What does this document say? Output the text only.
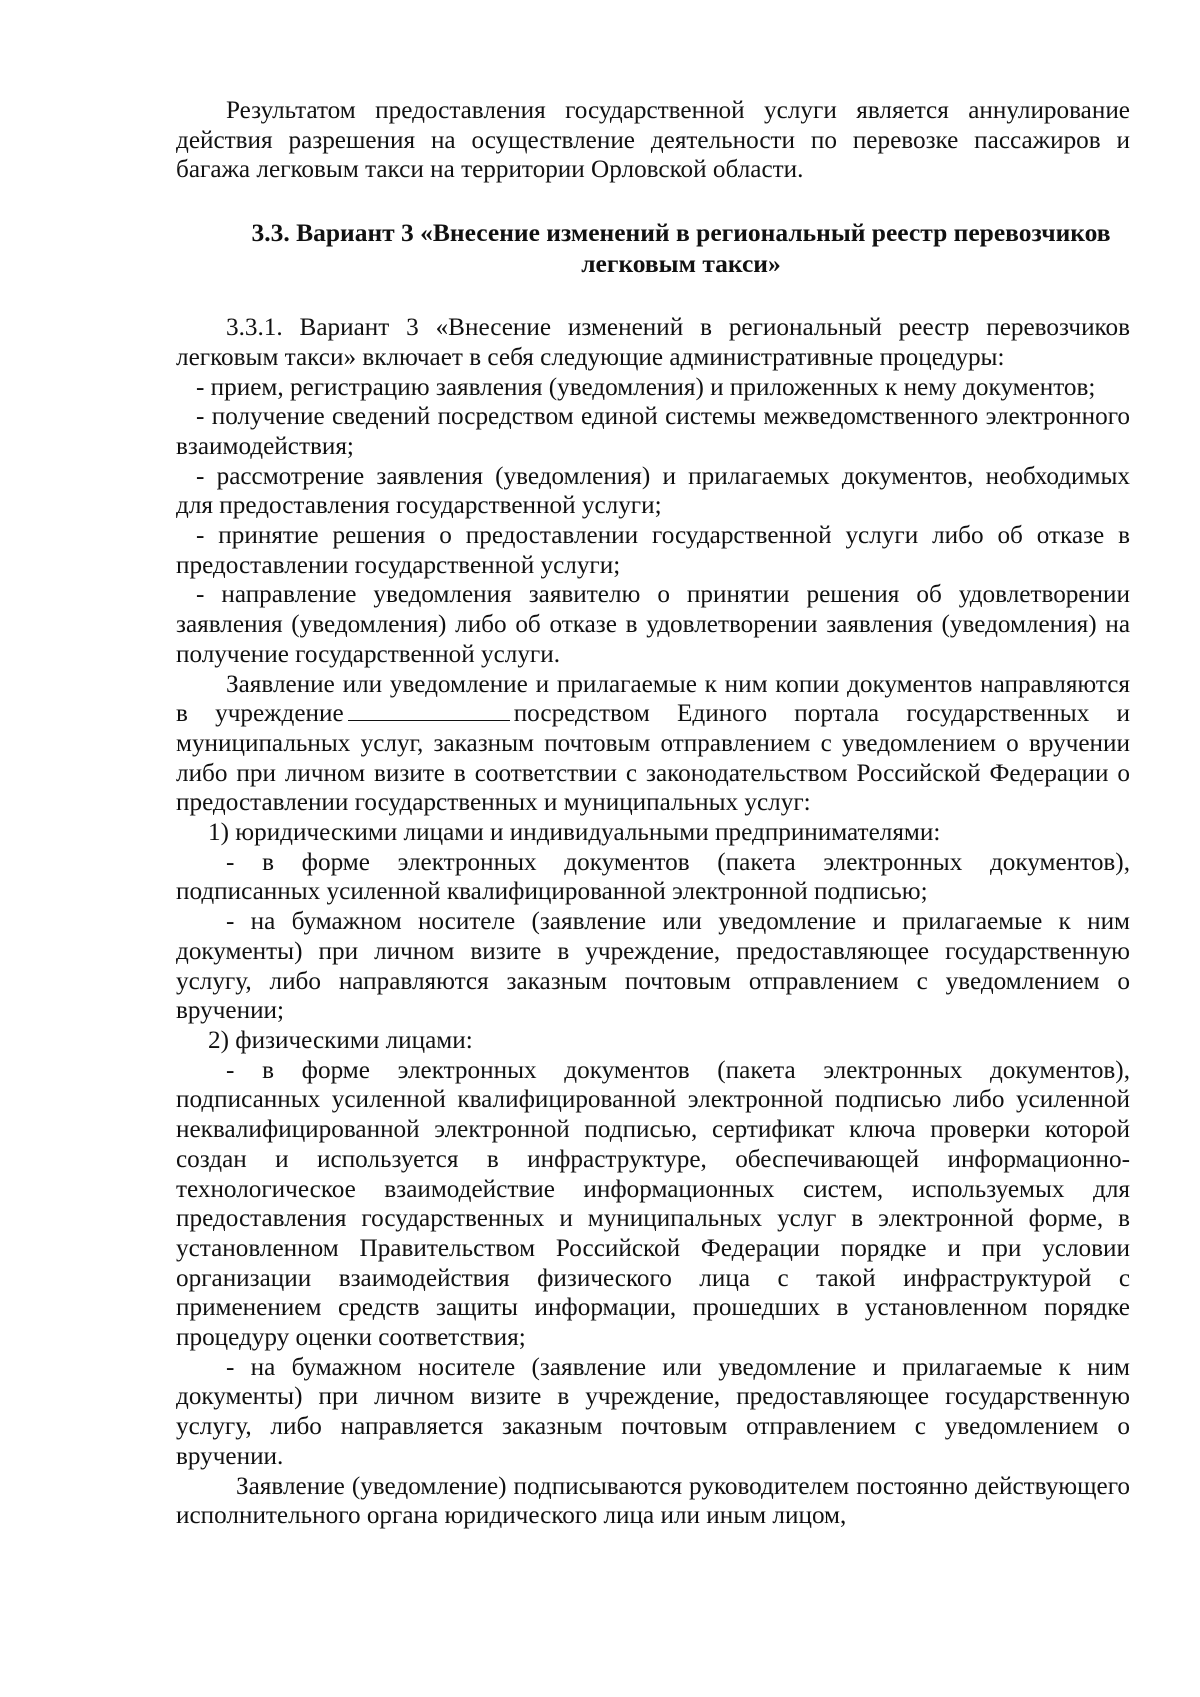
Результатом предоставления государственной услуги является аннулирование действия разрешения на осуществление деятельности по перевозке пассажиров и багажа легковым такси на территории Орловской области.

3.3. Вариант 3 «Внесение изменений в региональный реестр перевозчиков легковым такси»

3.3.1. Вариант 3 «Внесение изменений в региональный реестр перевозчиков легковым такси» включает в себя следующие административные процедуры:

- прием, регистрацию заявления (уведомления) и приложенных к нему документов;

- получение сведений посредством единой системы межведомственного электронного взаимодействия;

- рассмотрение заявления (уведомления) и прилагаемых документов, необходимых для предоставления государственной услуги;

- принятие решения о предоставлении государственной услуги либо об отказе в предоставлении государственной услуги;

- направление уведомления заявителю о принятии решения об удовлетворении заявления (уведомления) либо об отказе в удовлетворении заявления (уведомления) на получение государственной услуги.

Заявление или уведомление и прилагаемые к ним копии документов направляются в учреждение	посредством Единого портала государственных и муниципальных услуг, заказным почтовым отправлением с уведомлением о вручении либо при личном визите в соответствии с законодательством Российской Федерации о предоставлении государственных и муниципальных услуг:

1) юридическими лицами и индивидуальными предпринимателями:

- в форме электронных документов (пакета электронных документов), подписанных усиленной квалифицированной электронной подписью;

- на бумажном носителе (заявление или уведомление и прилагаемые к ним документы) при личном визите в учреждение, предоставляющее государственную услугу, либо направляются заказным почтовым отправлением с уведомлением о вручении;

2) физическими лицами:

- в форме электронных документов (пакета электронных документов), подписанных усиленной квалифицированной электронной подписью либо усиленной неквалифицированной электронной подписью, сертификат ключа проверки которой создан и используется в инфраструктуре, обеспечивающей информационно-технологическое взаимодействие информационных систем, используемых для предоставления государственных и муниципальных услуг в электронной форме, в установленном Правительством Российской Федерации порядке и при условии организации взаимодействия физического лица с такой инфраструктурой с применением средств защиты информации, прошедших в установленном порядке процедуру оценки соответствия;

- на бумажном носителе (заявление или уведомление и прилагаемые к ним документы) при личном визите в учреждение, предоставляющее государственную услугу, либо направляется заказным почтовым отправлением с уведомлением о вручении.

Заявление (уведомление) подписываются руководителем постоянно действующего исполнительного органа юридического лица или иным лицом,
